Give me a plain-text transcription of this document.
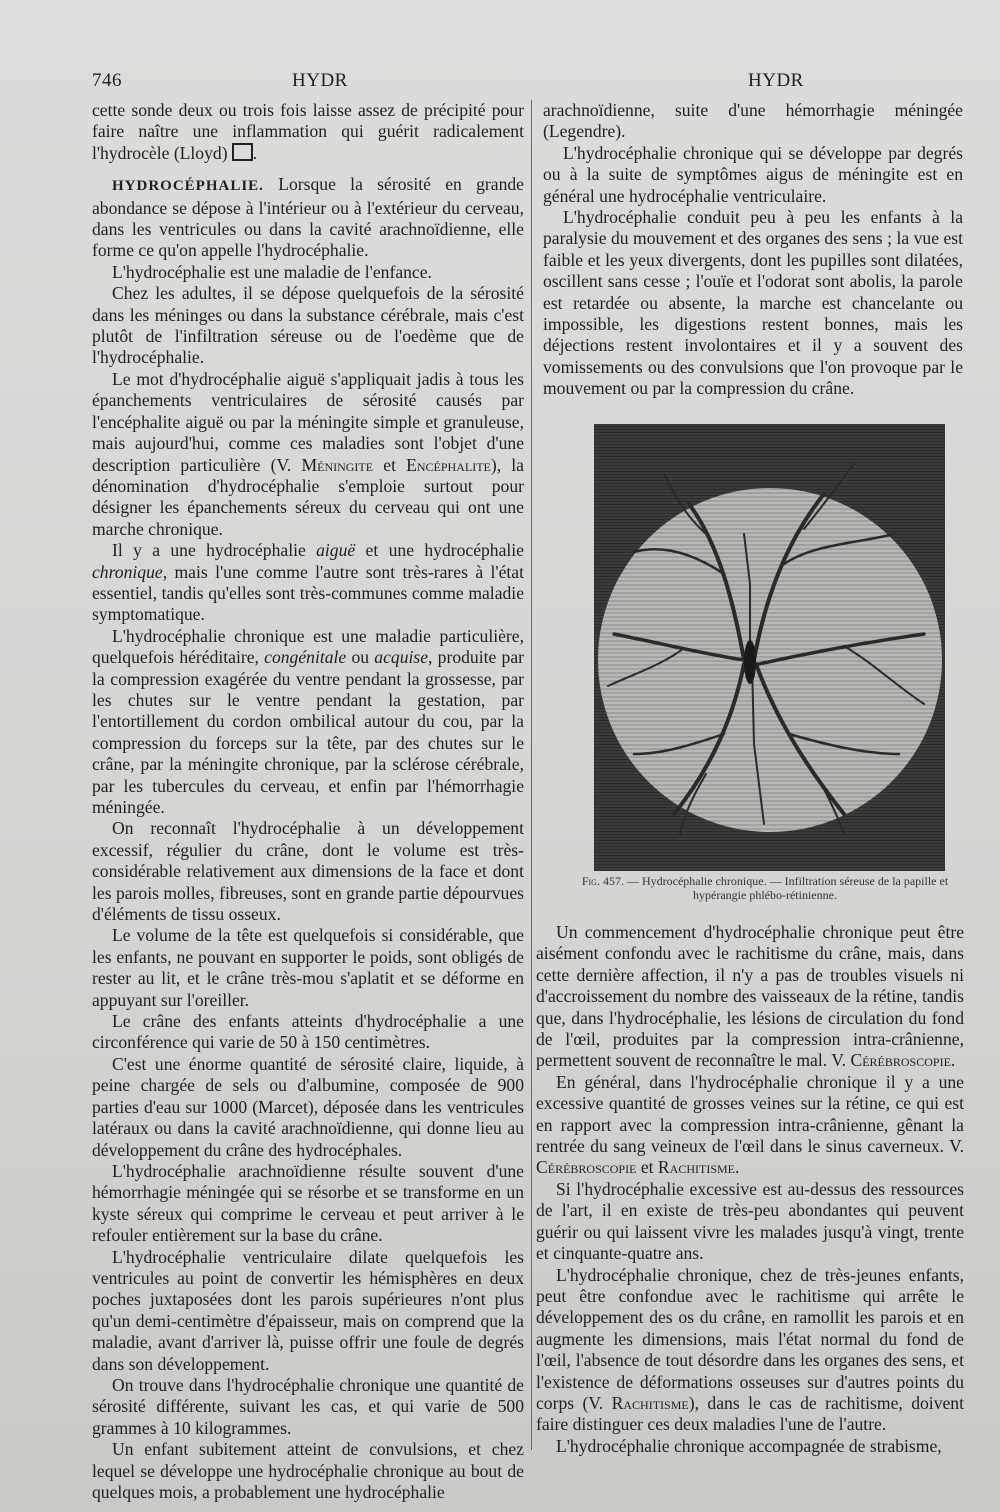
746	HYDR	HYDR

cette sonde deux ou trois fois laisse assez de précipité pour faire naître une inflammation qui guérit radicalement l'hydrocèle (Lloyd) .

HYDROCÉPHALIE. Lorsque la sérosité en grande abondance se dépose à l'intérieur ou à l'extérieur du cerveau, dans les ventricules ou dans la cavité arachnoïdienne, elle forme ce qu'on appelle l'hydrocéphalie.

L'hydrocéphalie est une maladie de l'enfance.

Chez les adultes, il se dépose quelquefois de la sérosité dans les méninges ou dans la substance cérébrale, mais c'est plutôt de l'infiltration séreuse ou de l'oedème que de l'hydrocéphalie.

Le mot d'hydrocéphalie aiguë s'appliquait jadis à tous les épanchements ventriculaires de sérosité causés par l'encéphalite aiguë ou par la méningite simple et granuleuse, mais aujourd'hui, comme ces maladies sont l'objet d'une description particulière (V. Méningite et Encéphalite), la dénomination d'hydrocéphalie s'emploie surtout pour désigner les épanchements séreux du cerveau qui ont une marche chronique.

Il y a une hydrocéphalie aiguë et une hydrocéphalie chronique, mais l'une comme l'autre sont très-rares à l'état essentiel, tandis qu'elles sont très-communes comme maladie symptomatique.

L'hydrocéphalie chronique est une maladie particulière, quelquefois héréditaire, congénitale ou acquise, produite par la compression exagérée du ventre pendant la grossesse, par les chutes sur le ventre pendant la gestation, par l'entortillement du cordon ombilical autour du cou, par la compression du forceps sur la tête, par des chutes sur le crâne, par la méningite chronique, par la sclérose cérébrale, par les tubercules du cerveau, et enfin par l'hémorrhagie méningée.

On reconnaît l'hydrocéphalie à un développement excessif, régulier du crâne, dont le volume est très-considérable relativement aux dimensions de la face et dont les parois molles, fibreuses, sont en grande partie dépourvues d'éléments de tissu osseux.

Le volume de la tête est quelquefois si considérable, que les enfants, ne pouvant en supporter le poids, sont obligés de rester au lit, et le crâne très-mou s'aplatit et se déforme en appuyant sur l'oreiller.

Le crâne des enfants atteints d'hydrocéphalie a une circonférence qui varie de 50 à 150 centimètres.

C'est une énorme quantité de sérosité claire, liquide, à peine chargée de sels ou d'albumine, composée de 900 parties d'eau sur 1000 (Marcet), déposée dans les ventricules latéraux ou dans la cavité arachnoïdienne, qui donne lieu au développement du crâne des hydrocéphales.

L'hydrocéphalie arachnoïdienne résulte souvent d'une hémorrhagie méningée qui se résorbe et se transforme en un kyste séreux qui comprime le cerveau et peut arriver à le refouler entièrement sur la base du crâne.

L'hydrocéphalie ventriculaire dilate quelquefois les ventricules au point de convertir les hémisphères en deux poches juxtaposées dont les parois supérieures n'ont plus qu'un demi-centimètre d'épaisseur, mais on comprend que la maladie, avant d'arriver là, puisse offrir une foule de degrés dans son développement.

On trouve dans l'hydrocéphalie chronique une quantité de sérosité différente, suivant les cas, et qui varie de 500 grammes à 10 kilogrammes.

Un enfant subitement atteint de convulsions, et chez lequel se développe une hydrocéphalie chronique au bout de quelques mois, a probablement une hydrocéphalie

arachnoïdienne, suite d'une hémorrhagie méningée (Legendre).

L'hydrocéphalie chronique qui se développe par degrés ou à la suite de symptômes aigus de méningite est en général une hydrocéphalie ventriculaire.

L'hydrocéphalie conduit peu à peu les enfants à la paralysie du mouvement et des organes des sens ; la vue est faible et les yeux divergents, dont les pupilles sont dilatées, oscillent sans cesse ; l'ouïe et l'odorat sont abolis, la parole est retardée ou absente, la marche est chancelante ou impossible, les digestions restent bonnes, mais les déjections restent involontaires et il y a souvent des vomissements ou des convulsions que l'on provoque par le mouvement ou par la compression du crâne.

Fig. 457. — Hydrocéphalie chronique. — Infiltration séreuse de la papille et hypérangie phlébo-rétinienne.

Un commencement d'hydrocéphalie chronique peut être aisément confondu avec le rachitisme du crâne, mais, dans cette dernière affection, il n'y a pas de troubles visuels ni d'accroissement du nombre des vaisseaux de la rétine, tandis que, dans l'hydrocéphalie, les lésions de circulation du fond de l'œil, produites par la compression intra-crânienne, permettent souvent de reconnaître le mal. V. Cérébroscopie.

En général, dans l'hydrocéphalie chronique il y a une excessive quantité de grosses veines sur la rétine, ce qui est en rapport avec la compression intra-crânienne, gênant la rentrée du sang veineux de l'œil dans le sinus caverneux. V. Cérébroscopie et Rachitisme.

Si l'hydrocéphalie excessive est au-dessus des ressources de l'art, il en existe de très-peu abondantes qui peuvent guérir ou qui laissent vivre les malades jusqu'à vingt, trente et cinquante-quatre ans.

L'hydrocéphalie chronique, chez de très-jeunes enfants, peut être confondue avec le rachitisme qui arrête le développement des os du crâne, en ramollit les parois et en augmente les dimensions, mais l'état normal du fond de l'œil, l'absence de tout désordre dans les organes des sens, et l'existence de déformations osseuses sur d'autres points du corps (V. Rachitisme), dans le cas de rachitisme, doivent faire distinguer ces deux maladies l'une de l'autre.

L'hydrocéphalie chronique accompagnée de strabisme,
